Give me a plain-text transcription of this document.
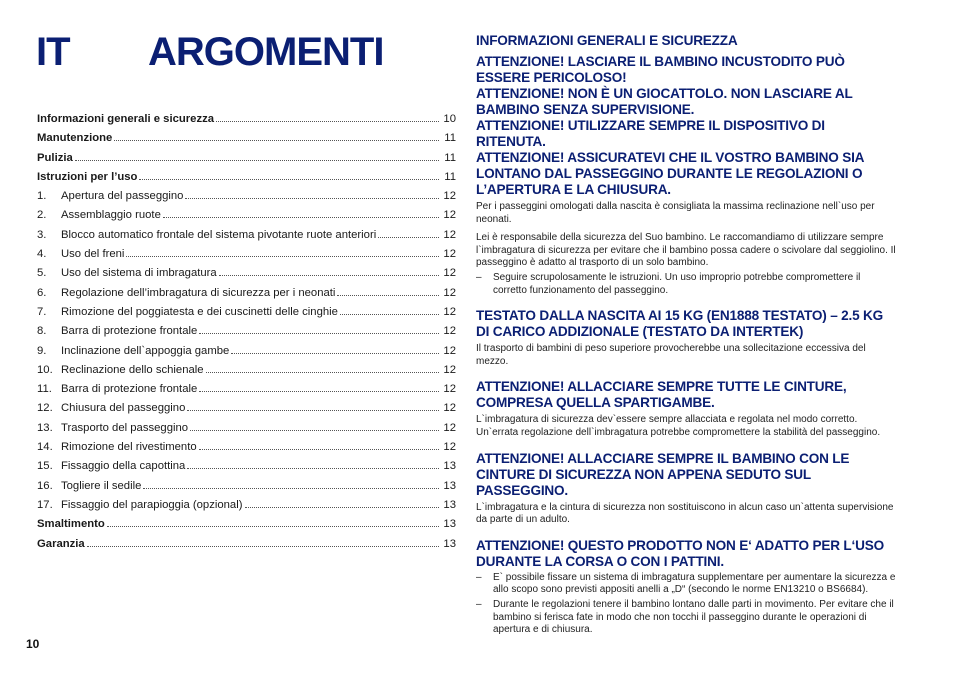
IT ARGOMENTI
Informazioni generali e sicurezza	10
Manutenzione	11
Pulizia	11
Istruzioni per l’uso	11
1.	Apertura del passeggino	12
2.	Assemblaggio ruote	12
3.	Blocco automatico frontale del sistema pivotante ruote anteriori	12
4.	Uso del freni	12
5.	Uso del sistema di imbragatura	12
6.	Regolazione dell’imbragatura di sicurezza per i neonati	12
7.	Rimozione del poggiatesta e dei cuscinetti delle cinghie	12
8.	Barra di protezione frontale	12
9.	Inclinazione dell`appoggia gambe	12
10. Reclinazione dello schienale	12
11. Barra di protezione frontale	12
12. Chiusura del passeggino	12
13. Trasporto del passeggino	12
14. Rimozione del rivestimento	12
15. Fissaggio della capottina	13
16. Togliere il sedile	13
17. Fissaggio del parapioggia (opzional)	13
Smaltimento	13
Garanzia	13

INFORMAZIONI GENERALI E SICUREZZA

ATTENZIONE! LASCIARE IL BAMBINO INCUSTODITO PUÒ ESSERE PERICOLOSO!

ATTENZIONE! NON È UN GIOCATTOLO. NON LASCIARE AL BAMBINO SENZA SUPERVISIONE.

ATTENZIONE! UTILIZZARE SEMPRE IL DISPOSITIVO DI RITENUTA.

ATTENZIONE! ASSICURATEVI CHE IL VOSTRO BAMBINO SIA LONTANO DAL PASSEGGINO DURANTE LE REGOLAZIONI O L’APERTURA E LA CHIUSURA.

Per i passeggini omologati dalla nascita è consigliata la massima reclinazione nell`uso per neonati.

Lei è responsabile della sicurezza del Suo bambino. Le raccomandiamo di utilizzare sempre l`imbragatura di sicurezza per evitare che il bambino possa cadere o scivolare dal seggiolino. Il passeggino è adatto al trasporto di un solo bambino.

–	Seguire scrupolosamente le istruzioni. Un uso improprio potrebbe compromettere il corretto funzionamento del passeggino.

TESTATO DALLA NASCITA AI 15 KG (EN1888 TESTATO) – 2.5 KG DI CARICO ADDIZIONALE (TESTATO DA INTERTEK)

Il trasporto di bambini di peso superiore provocherebbe una sollecitazione eccessiva del mezzo.

ATTENZIONE! ALLACCIARE SEMPRE TUTTE LE CINTURE, COMPRESA QUELLA SPARTIGAMBE.

L`imbragatura di sicurezza dev`essere sempre allacciata e regolata nel modo corretto. Un`errata regolazione dell`imbragatura potrebbe compromettere la stabilità del passeggino.

ATTENZIONE! ALLACCIARE SEMPRE IL BAMBINO CON LE CINTURE DI SICUREZZA NON APPENA SEDUTO SUL PASSEGGINO.

L`imbragatura e la cintura di sicurezza non sostituiscono in alcun caso un`attenta supervisione da parte di un adulto.

ATTENZIONE! QUESTO PRODOTTO NON E‘ ADATTO PER L‘USO DURANTE LA CORSA O CON I PATTINI.

–	E` possibile fissare un sistema di imbragatura supplementare per aumentare la sicurezza e allo scopo sono previsti appositi anelli a „D“ (secondo le norme EN13210 o BS6684).
–	Durante le regolazioni tenere il bambino lontano dalle parti in movimento. Per evitare che il bambino si ferisca fate in modo che non tocchi il passeggino durante le operazioni di apertura e di chiusura.
10
